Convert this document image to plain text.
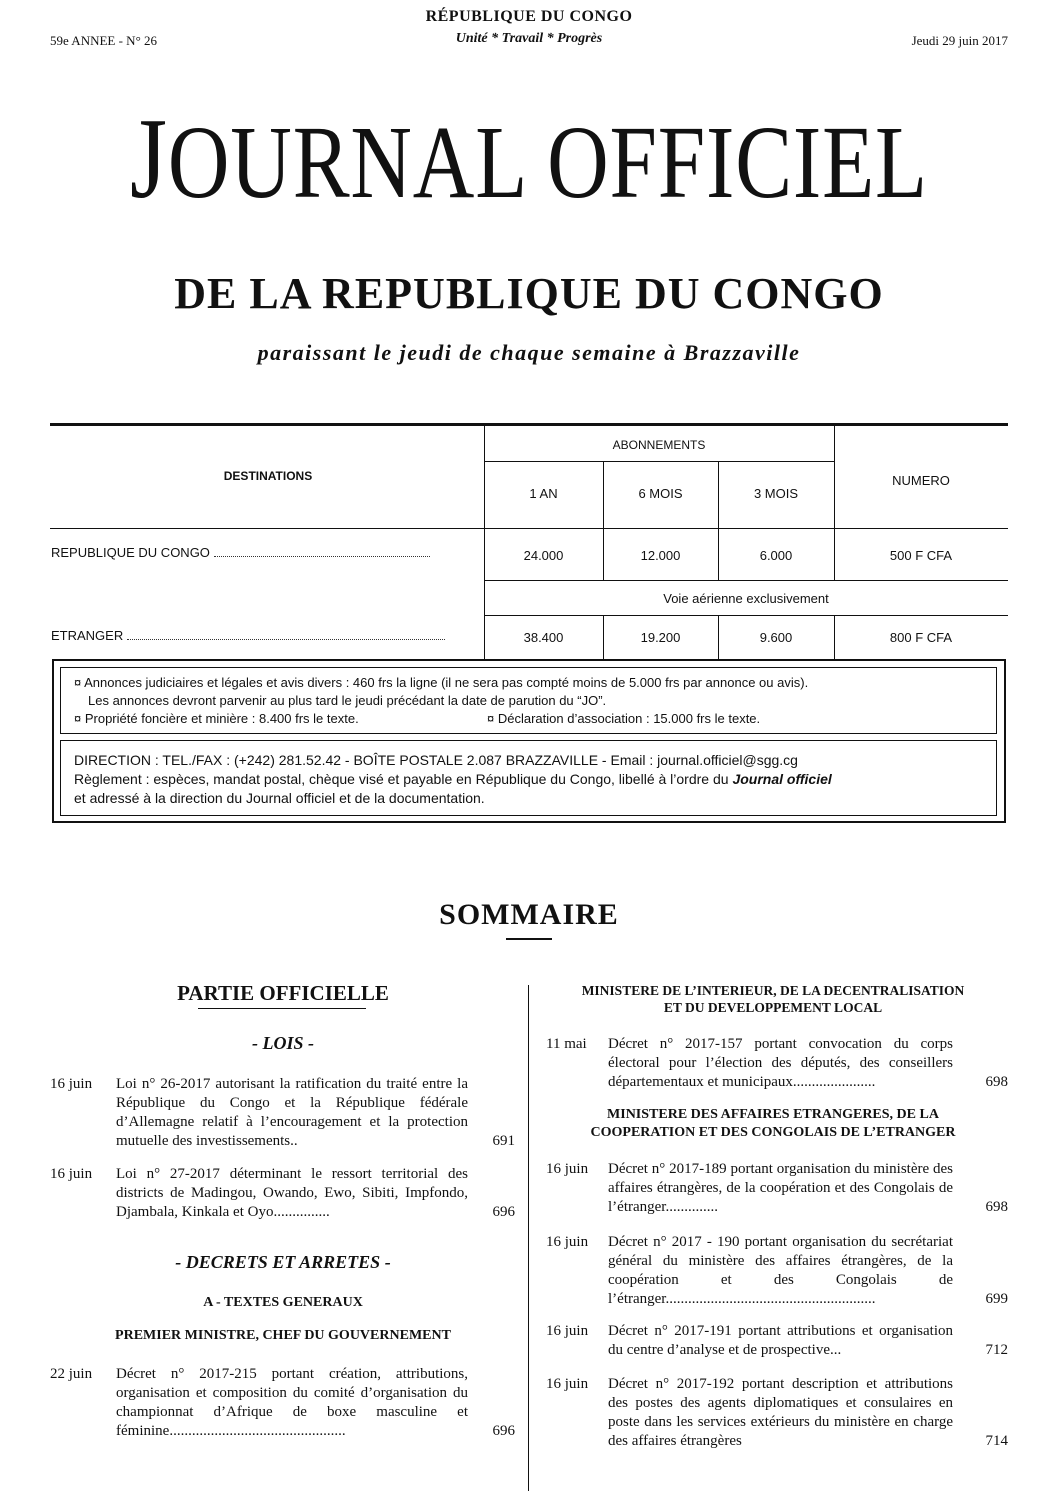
59e ANNEE - N° 26
RÉPUBLIQUE DU CONGO
Unité * Travail * Progrès	Jeudi 29 juin 2017
JOURNAL OFFICIEL
DE LA REPUBLIQUE DU CONGO
paraissant le jeudi de chaque semaine à Brazzaville
DESTINATIONS
ABONNEMENTS
1 AN	6 MOIS	3 MOIS
NUMERO
REPUBLIQUE DU CONGO	24.000	12.000	6.000	500 F CFA
Voie aérienne exclusivement
ETRANGER	38.400	19.200	9.600	800 F CFA
¤ Annonces judiciaires et légales et avis divers : 460 frs la ligne (il ne sera pas compté moins de 5.000 frs par annonce ou avis).
Les annonces devront parvenir au plus tard le jeudi précédant la date de parution du “JO”.
¤ Propriété foncière et minière : 8.400 frs le texte.	¤ Déclaration d’association : 15.000 frs le texte.
DIRECTION : TEL./FAX : (+242) 281.52.42 - BOÎTE POSTALE 2.087 BRAZZAVILLE - Email : journal.officiel@sgg.cg
Règlement : espèces, mandat postal, chèque visé et payable en République du Congo, libellé à l’ordre du Journal officiel
et adressé à la direction du Journal officiel et de la documentation.
SOMMAIRE
PARTIE OFFICIELLE
- LOIS -
16 juin Loi n° 26-2017 autorisant la ratification du traité entre la République du Congo et la République fédérale d’Allemagne relatif à l’encouragement et la protection mutuelle des investissements..	691
16 juin Loi n° 27-2017 déterminant le ressort territorial des districts de Madingou, Owando, Ewo, Sibiti, Impfondo, Djambala, Kinkala et Oyo...............	696
- DECRETS ET ARRETES -
A - TEXTES GENERAUX
PREMIER MINISTRE, CHEF DU GOUVERNEMENT
22 juin Décret n° 2017-215 portant création, attributions, organisation et composition du comité d’organisation du championnat d’Afrique de boxe masculine et féminine...............................................	696
MINISTERE DE L’INTERIEUR, DE LA DECENTRALISATION
ET DU DEVELOPPEMENT LOCAL
11 mai Décret n° 2017-157 portant convocation du corps électoral pour l’élection des députés, des conseillers départementaux et municipaux......................	698
MINISTERE DES AFFAIRES ETRANGERES, DE LA
COOPERATION ET DES CONGOLAIS DE L’ETRANGER
16 juin Décret n° 2017-189 portant organisation du ministère des affaires étrangères, de la coopération et des Congolais de l’étranger..............	698
16 juin Décret n° 2017 - 190 portant organisation du secrétariat général du ministère des affaires étrangères, de la coopération et des Congolais de l’étranger........................................................	699
16 juin Décret n° 2017-191 portant attributions et organisation du centre d’analyse et de prospective...	712
16 juin Décret n° 2017-192 portant description et attributions des postes des agents diplomatiques et consulaires en poste dans les services extérieurs du ministère en charge des affaires étrangères	714
